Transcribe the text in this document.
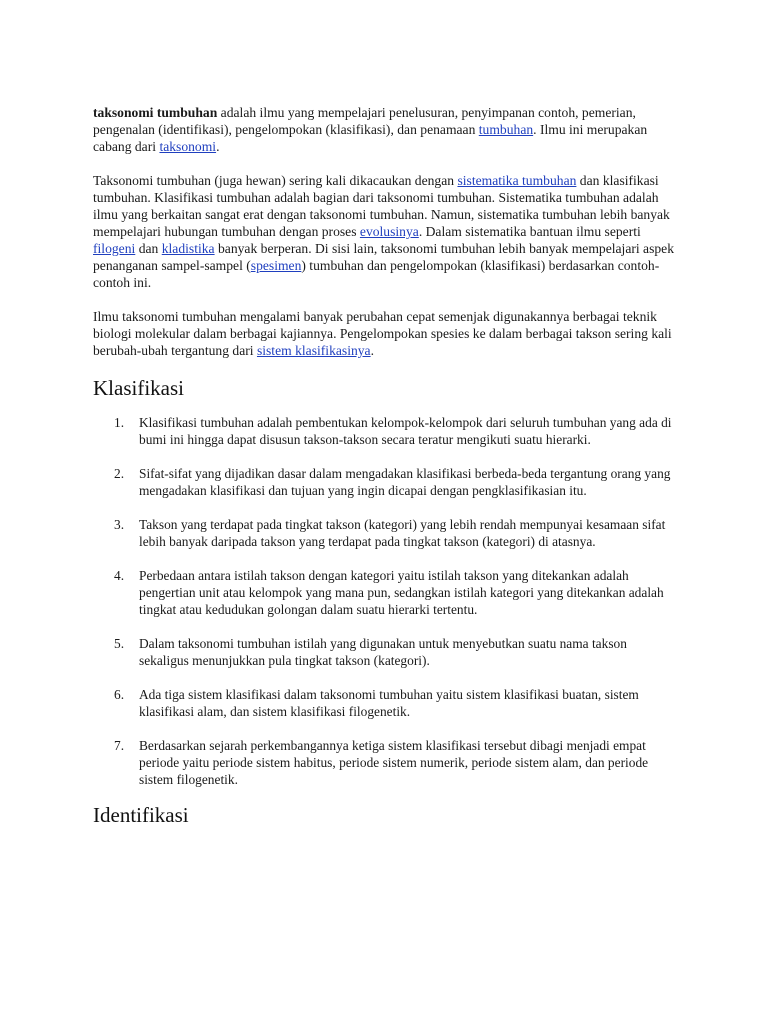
taksonomi tumbuhan adalah ilmu yang mempelajari penelusuran, penyimpanan contoh, pemerian, pengenalan (identifikasi), pengelompokan (klasifikasi), dan penamaan tumbuhan. Ilmu ini merupakan cabang dari taksonomi.

Taksonomi tumbuhan (juga hewan) sering kali dikacaukan dengan sistematika tumbuhan dan klasifikasi tumbuhan. Klasifikasi tumbuhan adalah bagian dari taksonomi tumbuhan. Sistematika tumbuhan adalah ilmu yang berkaitan sangat erat dengan taksonomi tumbuhan. Namun, sistematika tumbuhan lebih banyak mempelajari hubungan tumbuhan dengan proses evolusinya. Dalam sistematika bantuan ilmu seperti filogeni dan kladistika banyak berperan. Di sisi lain, taksonomi tumbuhan lebih banyak mempelajari aspek penanganan sampel-sampel (spesimen) tumbuhan dan pengelompokan (klasifikasi) berdasarkan contoh-contoh ini.

Ilmu taksonomi tumbuhan mengalami banyak perubahan cepat semenjak digunakannya berbagai teknik biologi molekular dalam berbagai kajiannya. Pengelompokan spesies ke dalam berbagai takson sering kali berubah-ubah tergantung dari sistem klasifikasinya.

Klasifikasi
1. Klasifikasi tumbuhan adalah pembentukan kelompok-kelompok dari seluruh tumbuhan yang ada di bumi ini hingga dapat disusun takson-takson secara teratur mengikuti suatu hierarki.
2. Sifat-sifat yang dijadikan dasar dalam mengadakan klasifikasi berbeda-beda tergantung orang yang mengadakan klasifikasi dan tujuan yang ingin dicapai dengan pengklasifikasian itu.
3. Takson yang terdapat pada tingkat takson (kategori) yang lebih rendah mempunyai kesamaan sifat lebih banyak daripada takson yang terdapat pada tingkat takson (kategori) di atasnya.
4. Perbedaan antara istilah takson dengan kategori yaitu istilah takson yang ditekankan adalah pengertian unit atau kelompok yang mana pun, sedangkan istilah kategori yang ditekankan adalah tingkat atau kedudukan golongan dalam suatu hierarki tertentu.
5. Dalam taksonomi tumbuhan istilah yang digunakan untuk menyebutkan suatu nama takson sekaligus menunjukkan pula tingkat takson (kategori).
6. Ada tiga sistem klasifikasi dalam taksonomi tumbuhan yaitu sistem klasifikasi buatan, sistem klasifikasi alam, dan sistem klasifikasi filogenetik.
7. Berdasarkan sejarah perkembangannya ketiga sistem klasifikasi tersebut dibagi menjadi empat periode yaitu periode sistem habitus, periode sistem numerik, periode sistem alam, dan periode sistem filogenetik.
Identifikasi
